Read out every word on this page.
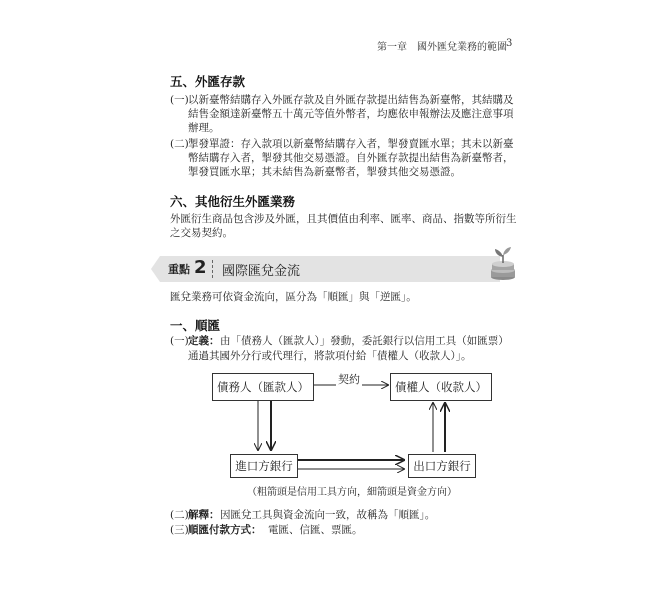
第一章　國外匯兌業務的範圍 3
五、外匯存款
(一) 以新臺幣結購存入外匯存款及自外匯存款提出結售為新臺幣，其結購及
結售金額達新臺幣五十萬元等值外幣者，均應依申報辦法及應注意事項
辦理。
(二) 掣發單證：存入款項以新臺幣結購存入者，掣發賣匯水單；其未以新臺
幣結購存入者，掣發其他交易憑證。自外匯存款提出結售為新臺幣者，
掣發買匯水單；其未結售為新臺幣者，掣發其他交易憑證。
六、其他衍生外匯業務
外匯衍生商品包含涉及外匯，且其價值由利率、匯率、商品、指數等所衍生
之交易契約。
重點 2 國際匯兌金流
匯兌業務可依資金流向，區分為「順匯」與「逆匯」。
一、順匯
(一) 定義： 由「債務人（匯款人）」發動，委託銀行以信用工具（如匯票）
通過其國外分行或代理行，將款項付給「債權人（收款人）」。
債務人（匯款人）	債權人（收款人）
契約
進口方銀行	出口方銀行
（粗箭頭是信用工具方向，細箭頭是資金方向）
(二) 解釋： 因匯兌工具與資金流向一致，故稱為「順匯」。
(三) 順匯付款方式： 電匯、信匯、票匯。
